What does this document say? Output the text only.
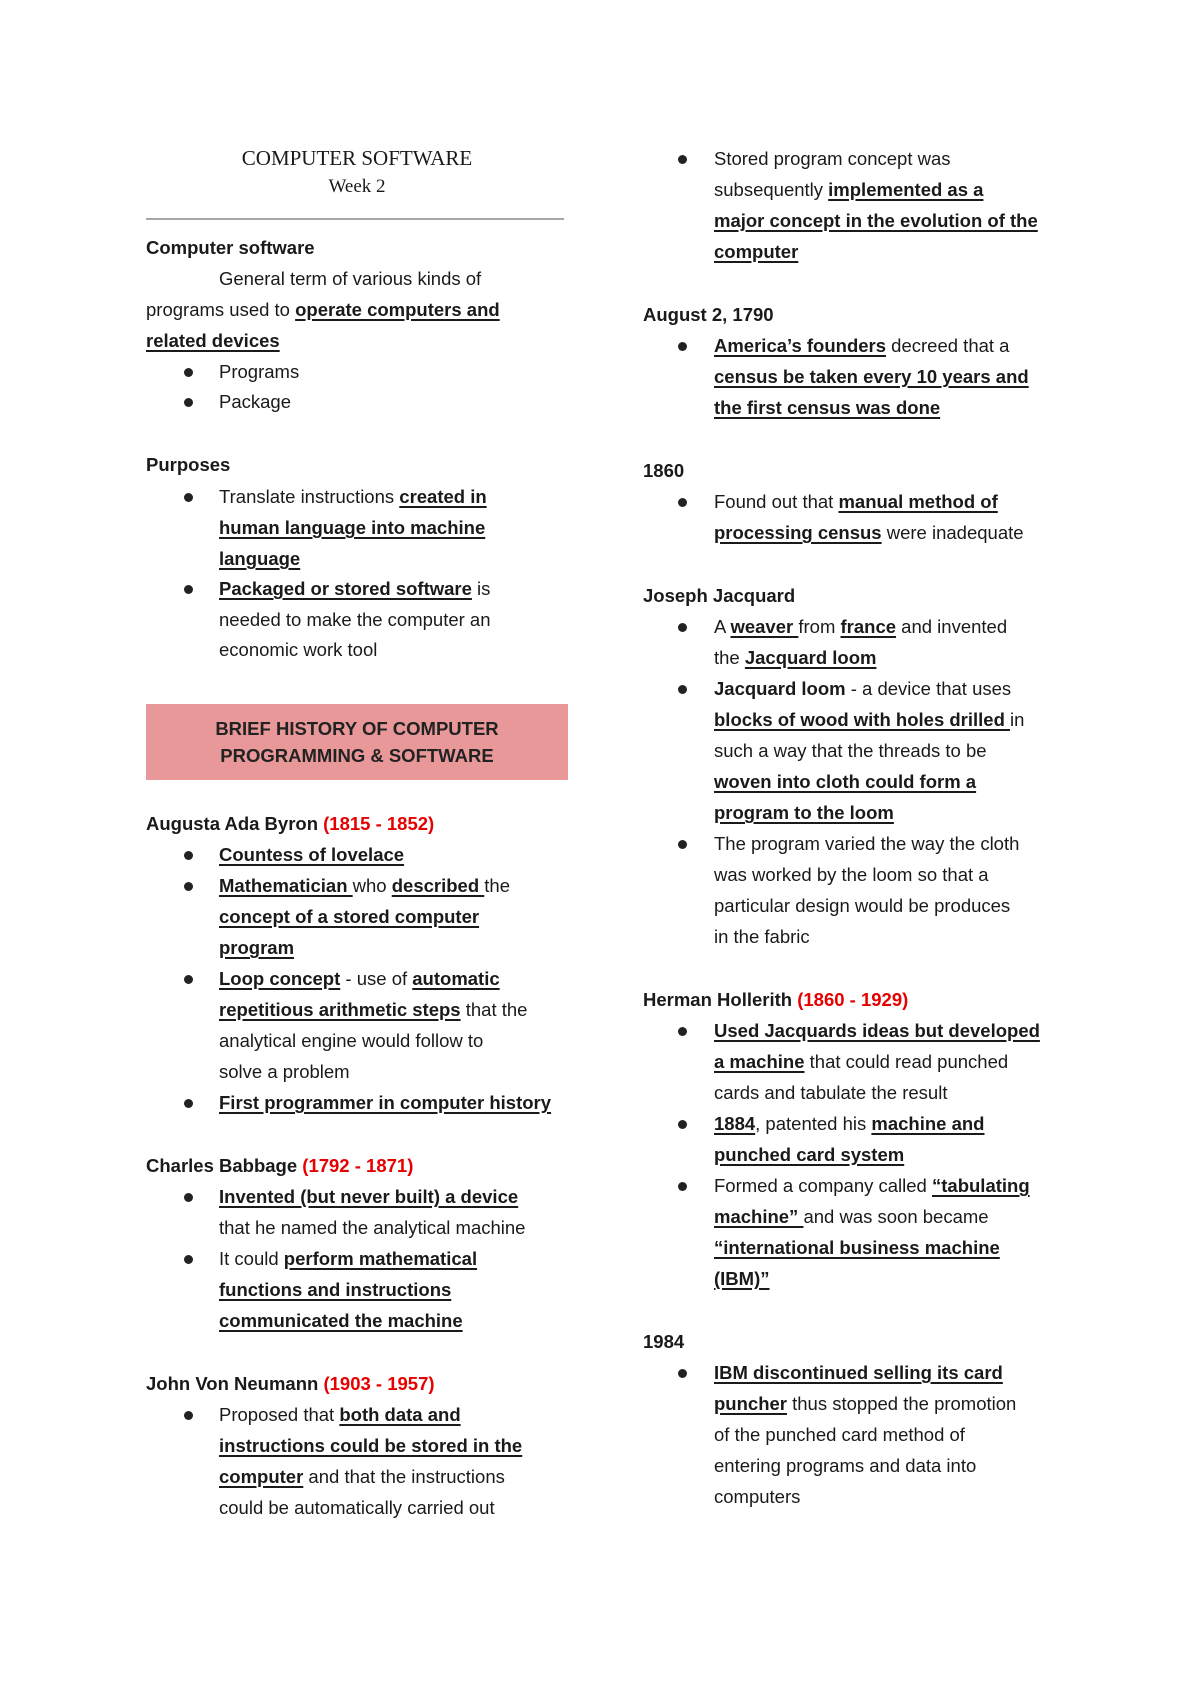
COMPUTER SOFTWARE
Week 2
Computer software
General term of various kinds of
programs used to operate computers and
related devices
Programs
Package
Purposes
Translate instructions created in
human language into machine
language
Packaged or stored software is
needed to make the computer an
economic work tool
BRIEF HISTORY OF COMPUTER
PROGRAMMING & SOFTWARE
Augusta Ada Byron (1815 - 1852)
Countess of lovelace
Mathematician who described the
concept of a stored computer
program
Loop concept - use of automatic
repetitious arithmetic steps that the
analytical engine would follow to
solve a problem
First programmer in computer history
Charles Babbage (1792 - 1871)
Invented (but never built) a device
that he named the analytical machine
It could perform mathematical
functions and instructions
communicated the machine
John Von Neumann (1903 - 1957)
Proposed that both data and
instructions could be stored in the
computer and that the instructions
could be automatically carried out
Stored program concept was
subsequently implemented as a
major concept in the evolution of the
computer
August 2, 1790
America’s founders decreed that a
census be taken every 10 years and
the first census was done
1860
Found out that manual method of
processing census were inadequate
Joseph Jacquard
A weaver from france and invented
the Jacquard loom
Jacquard loom - a device that uses
blocks of wood with holes drilled in
such a way that the threads to be
woven into cloth could form a
program to the loom
The program varied the way the cloth
was worked by the loom so that a
particular design would be produces
in the fabric
Herman Hollerith (1860 - 1929)
Used Jacquards ideas but developed
a machine that could read punched
cards and tabulate the result
1884, patented his machine and
punched card system
Formed a company called “tabulating
machine” and was soon became
“international business machine
(IBM)”
1984
IBM discontinued selling its card
puncher thus stopped the promotion
of the punched card method of
entering programs and data into
computers
